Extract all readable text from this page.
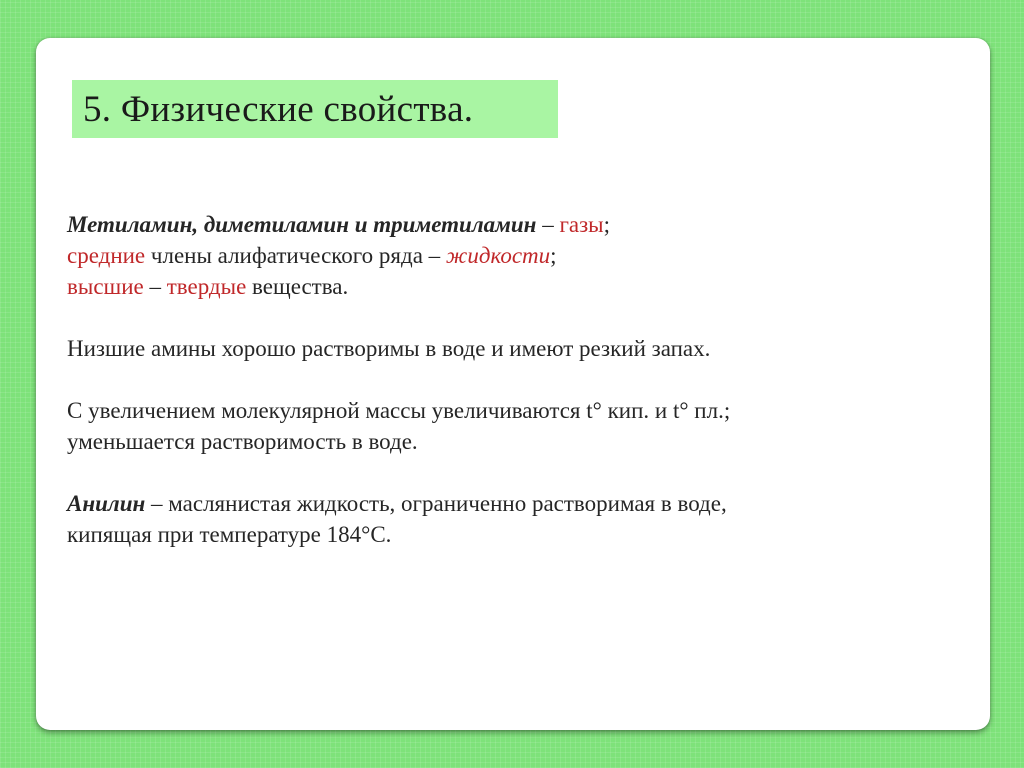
5. Физические свойства.

Метиламин, диметиламин и триметиламин – газы;
средние члены алифатического ряда – жидкости;
высшие – твердые вещества.

Низшие амины хорошо растворимы в воде и имеют резкий запах.

С увеличением молекулярной массы увеличиваются t° кип. и t° пл.;
уменьшается растворимость в воде.

Анилин – маслянистая жидкость, ограниченно растворимая в воде,
кипящая при температуре 184°С.
